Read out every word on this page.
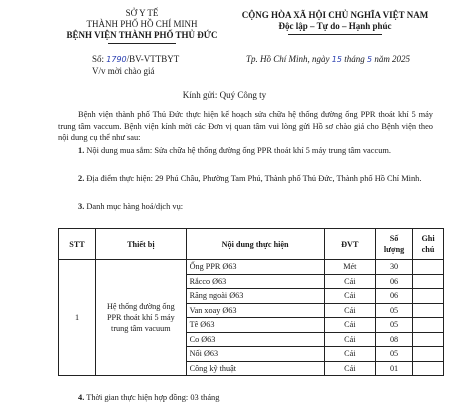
SỞ Y TẾ
THÀNH PHỐ HỒ CHÍ MINH
BỆNH VIỆN THÀNH PHỐ THỦ ĐỨC
Số: 1790/BV-VTTBYT
V/v mời chào giá
CỘNG HÒA XÃ HỘI CHỦ NGHĨA VIỆT NAM
Độc lập – Tự do – Hạnh phúc
Tp. Hồ Chí Minh, ngày 15 tháng 5 năm 2025
Kính gửi: Quý Công ty
Bệnh viện thành phố Thủ Đức thực hiện kế hoạch sửa chữa hệ thống đường ống PPR thoát khí 5 máy trung tâm vaccum. Bệnh viện kính mời các Đơn vị quan tâm vui lòng gửi Hồ sơ chào giá cho Bệnh viện theo nội dung cụ thể như sau:
1. Nội dung mua sắm: Sửa chữa hệ thống đường ống PPR thoát khí 5 máy trung tâm vaccum.
2. Địa điểm thực hiện: 29 Phú Châu, Phường Tam Phú, Thành phố Thủ Đức, Thành phố Hồ Chí Minh.
3. Danh mục hàng hoá/dịch vụ:
STT	Thiết bị	Nội dung thực hiện	ĐVT	Số lượng	Ghi chú
1	Hệ thống đường ống PPR thoát khí 5 máy trung tâm vacuum	Ống PPR Ø63	Mét	30	
		Rắcco Ø63	Cái	06	
		Răng ngoài Ø63	Cái	06	
		Van xoay Ø63	Cái	05	
		Tê Ø63	Cái	05	
		Co Ø63	Cái	08	
		Nối Ø63	Cái	05	
		Công kỹ thuật	Cái	01	
4. Thời gian thực hiện hợp đồng: 03 tháng
